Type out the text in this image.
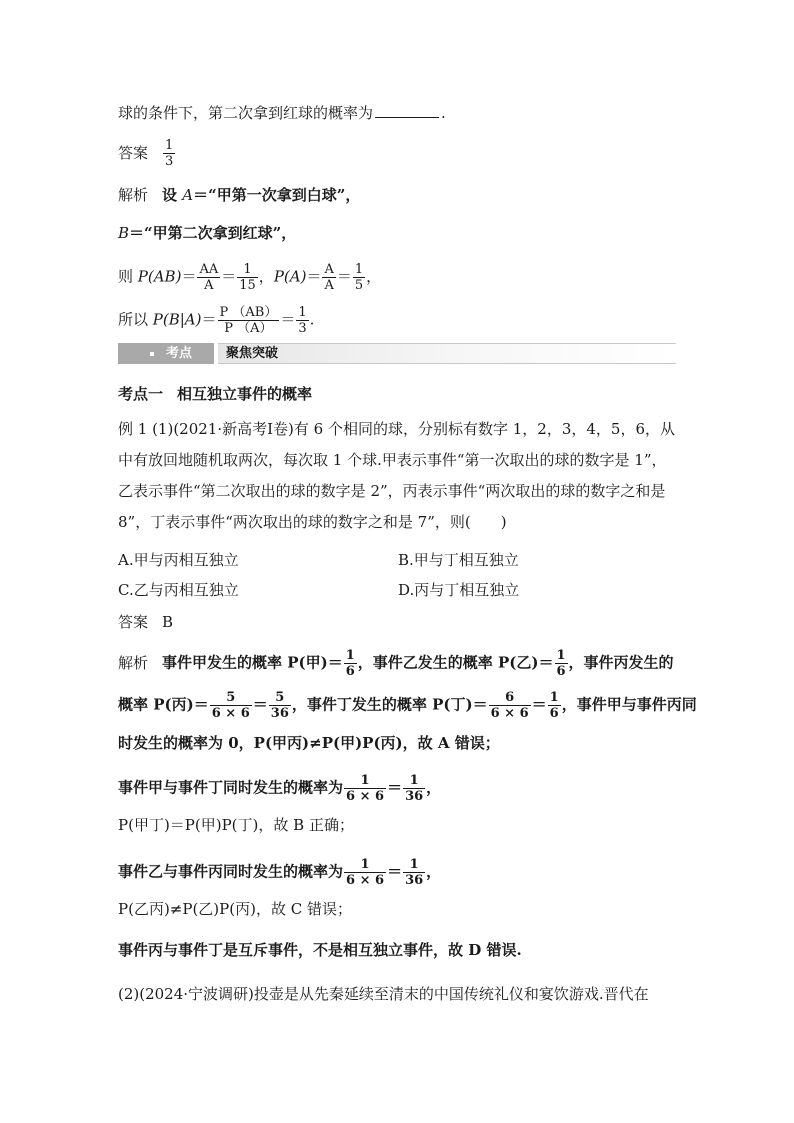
球的条件下，第二次拿到红球的概率为	.
答案 $\frac{1}{3}$
解析 设 A＝“甲第一次拿到白球”，
B＝“甲第二次拿到红球”，
则 $P(AB)= \frac{AA}{A} = \frac{1}{15}$ ，$P(A)= \frac{A}{A} = \frac{1}{5}$ ，
所以 $P(B|A)= \frac{P (AB)}{P (A)} = \frac{1}{3}$ .
考点	聚焦突破
考点一 相互独立事件的概率
例 1 (1)(2021·新高考Ⅰ卷)有 6 个相同的球，分别标有数字 1，2，3，4，5，6，从中有放回地随机取两次，每次取 1 个球.甲表示事件“第一次取出的球的数字是 1”，乙表示事件“第二次取出的球的数字是 2”，丙表示事件“两次取出的球的数字之和是 8”，丁表示事件“两次取出的球的数字之和是 7”，则(　　)
A.甲与丙相互独立	B.甲与丁相互独立
C.乙与丙相互独立	D.丙与丁相互独立
答案 B
解析 事件甲发生的概率 P(甲)＝ $\frac{1}{6}$ ，事件乙发生的概率 P(乙)＝ $\frac{1}{6}$ ，事件丙发生的
概率 P(丙)＝ $\frac{5}{6 \times 6} = \frac{5}{36}$ ，事件丁发生的概率 P(丁)＝ $\frac{6}{6 \times 6} = \frac{1}{6}$ ，事件甲与事件丙同
时发生的概率为 0，P(甲丙)≠P(甲)P(丙)，故 A 错误；
事件甲与事件丁同时发生的概率为 $\frac{1}{6 \times 6} = \frac{1}{36}$ ，
P(甲丁)＝P(甲)P(丁)，故 B 正确；
事件乙与事件丙同时发生的概率为 $\frac{1}{6 \times 6} = \frac{1}{36}$ ，
P(乙丙)≠P(乙)P(丙)，故 C 错误；
事件丙与事件丁是互斥事件，不是相互独立事件，故 D 错误.
(2)(2024·宁波调研)投壶是从先秦延续至清末的中国传统礼仪和宴饮游戏.晋代在
